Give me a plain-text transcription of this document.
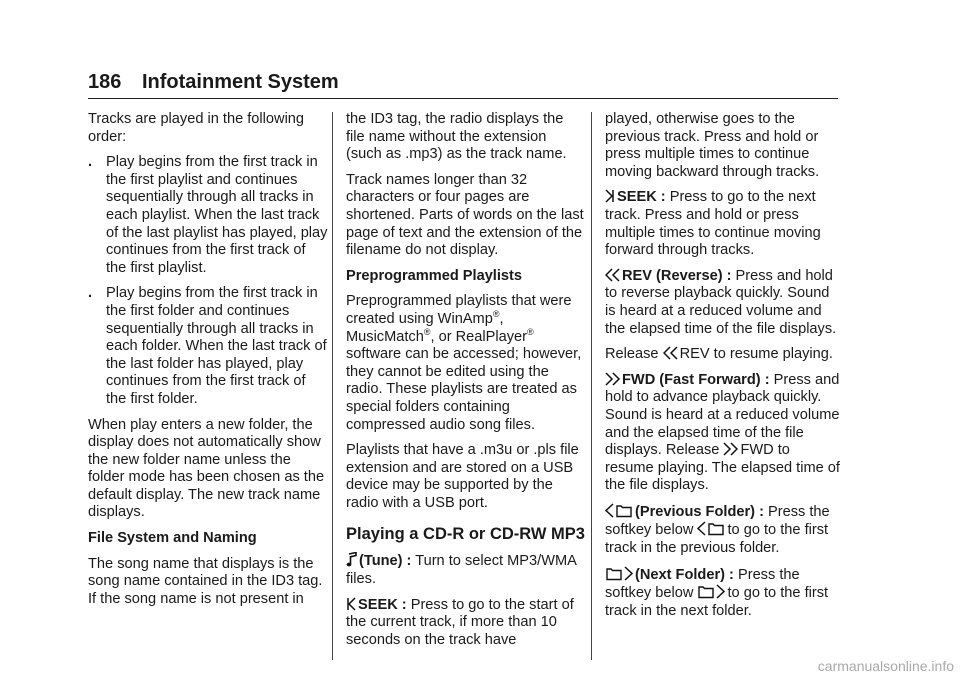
186 Infotainment System

Tracks are played in the following order:

. Play begins from the first track in the first playlist and continues sequentially through all tracks in each playlist. When the last track of the last playlist has played, play continues from the first track of the first playlist.
. Play begins from the first track in the first folder and continues sequentially through all tracks in each folder. When the last track of the last folder has played, play continues from the first track of the first folder.

When play enters a new folder, the display does not automatically show the new folder name unless the folder mode has been chosen as the default display. The new track name displays.

File System and Naming

The song name that displays is the song name contained in the ID3 tag. If the song name is not present in

the ID3 tag, the radio displays the file name without the extension (such as .mp3) as the track name.

Track names longer than 32 characters or four pages are shortened. Parts of words on the last page of text and the extension of the filename do not display.

Preprogrammed Playlists

Preprogrammed playlists that were created using WinAmp®, MusicMatch®, or RealPlayer® software can be accessed; however, they cannot be edited using the radio. These playlists are treated as special folders containing compressed audio song files.

Playlists that have a .m3u or .pls file extension and are stored on a USB device may be supported by the radio with a USB port.

Playing a CD-R or CD-RW MP3

(Tune) : Turn to select MP3/WMA files.

SEEK : Press to go to the start of the current track, if more than 10 seconds on the track have

played, otherwise goes to the previous track. Press and hold or press multiple times to continue moving backward through tracks.

SEEK : Press to go to the next track. Press and hold or press multiple times to continue moving forward through tracks.

REV (Reverse) : Press and hold to reverse playback quickly. Sound is heard at a reduced volume and the elapsed time of the file displays.

Release REV to resume playing.

FWD (Fast Forward) : Press and hold to advance playback quickly. Sound is heard at a reduced volume and the elapsed time of the file displays. Release FWD to resume playing. The elapsed time of the file displays.

(Previous Folder) : Press the softkey below to go to the first track in the previous folder.

(Next Folder) : Press the softkey below to go to the first track in the next folder.

carmanualsonline.info
